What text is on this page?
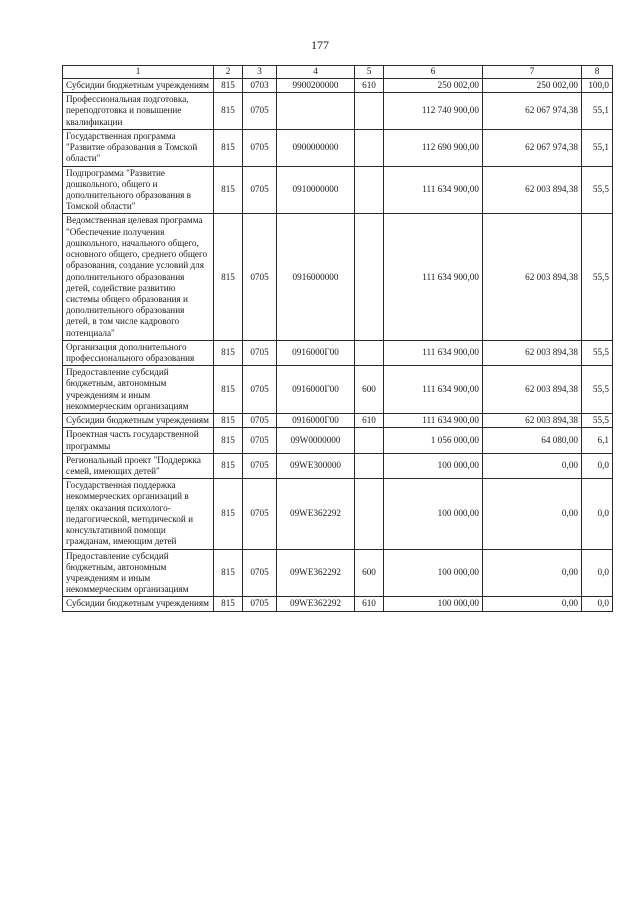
177
1	2	3	4	5	6	7	8
Субсидии бюджетным учреждениям	815	0703	9900200000	610	250 002,00	250 002,00	100,0
Профессиональная подготовка, переподготовка и повышение квалификации	815	0705			112 740 900,00	62 067 974,38	55,1
Государственная программа "Развитие образования в Томской области"	815	0705	0900000000		112 690 900,00	62 067 974,38	55,1
Подпрограмма "Развитие дошкольного, общего и дополнительного образования в Томской области"	815	0705	0910000000		111 634 900,00	62 003 894,38	55,5
Ведомственная целевая программа "Обеспечение получения дошкольного, начального общего, основного общего, среднего общего образования, создание условий для дополнительного образования детей, содействие развитию системы общего образования и дополнительного образования детей, в том числе кадрового потенциала"	815	0705	0916000000		111 634 900,00	62 003 894,38	55,5
Организация дополнительного профессионального образования	815	0705	0916000Г00		111 634 900,00	62 003 894,38	55,5
Предоставление субсидий бюджетным, автономным учреждениям и иным некоммерческим организациям	815	0705	0916000Г00	600	111 634 900,00	62 003 894,38	55,5
Субсидии бюджетным учреждениям	815	0705	0916000Г00	610	111 634 900,00	62 003 894,38	55,5
Проектная часть государственной программы	815	0705	09W0000000		1 056 000,00	64 080,00	6,1
Региональный проект "Поддержка семей, имеющих детей"	815	0705	09WE300000		100 000,00	0,00	0,0
Государственная поддержка некоммерческих организаций в целях оказания психолого-педагогической, методической и консультативной помощи гражданам, имеющим детей	815	0705	09WE362292		100 000,00	0,00	0,0
Предоставление субсидий бюджетным, автономным учреждениям и иным некоммерческим организациям	815	0705	09WE362292	600	100 000,00	0,00	0,0
Субсидии бюджетным учреждениям	815	0705	09WE362292	610	100 000,00	0,00	0,0
